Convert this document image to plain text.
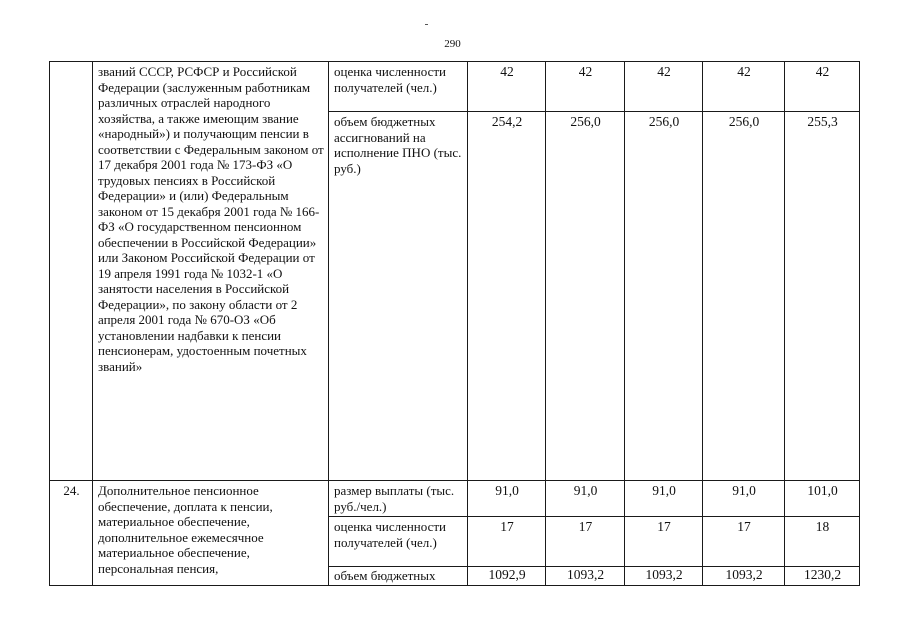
290
	званий СССР, РСФСР и Российской Федерации (заслуженным работникам различных отраслей народного хозяйства, а также имеющим звание «народный») и получающим пенсии в соответствии с Федеральным законом от 17 декабря 2001 года № 173-ФЗ «О трудовых пенсиях в Российской Федерации» и (или) Федеральным законом от 15 декабря 2001 года № 166-ФЗ «О государственном пенсионном обеспечении в Российской Федерации» или Законом Российской Федерации от 19 апреля 1991 года № 1032-1 «О занятости населения в Российской Федерации», по закону области от 2 апреля 2001 года № 670-ОЗ «Об установлении надбавки к пенсии пенсионерам, удостоенным почетных званий»	оценка численности получателей (чел.)	42	42	42	42	42
		объем бюджетных ассигнований на исполнение ПНО (тыс. руб.)	254,2	256,0	256,0	256,0	255,3
24.	Дополнительное пенсионное обеспечение, доплата к пенсии, материальное обеспечение, дополнительное ежемесячное материальное обеспечение, персональная пенсия,	размер выплаты (тыс. руб./чел.)	91,0	91,0	91,0	91,0	101,0
		оценка численности получателей (чел.)	17	17	17	17	18
		объем бюджетных	1092,9	1093,2	1093,2	1093,2	1230,2
